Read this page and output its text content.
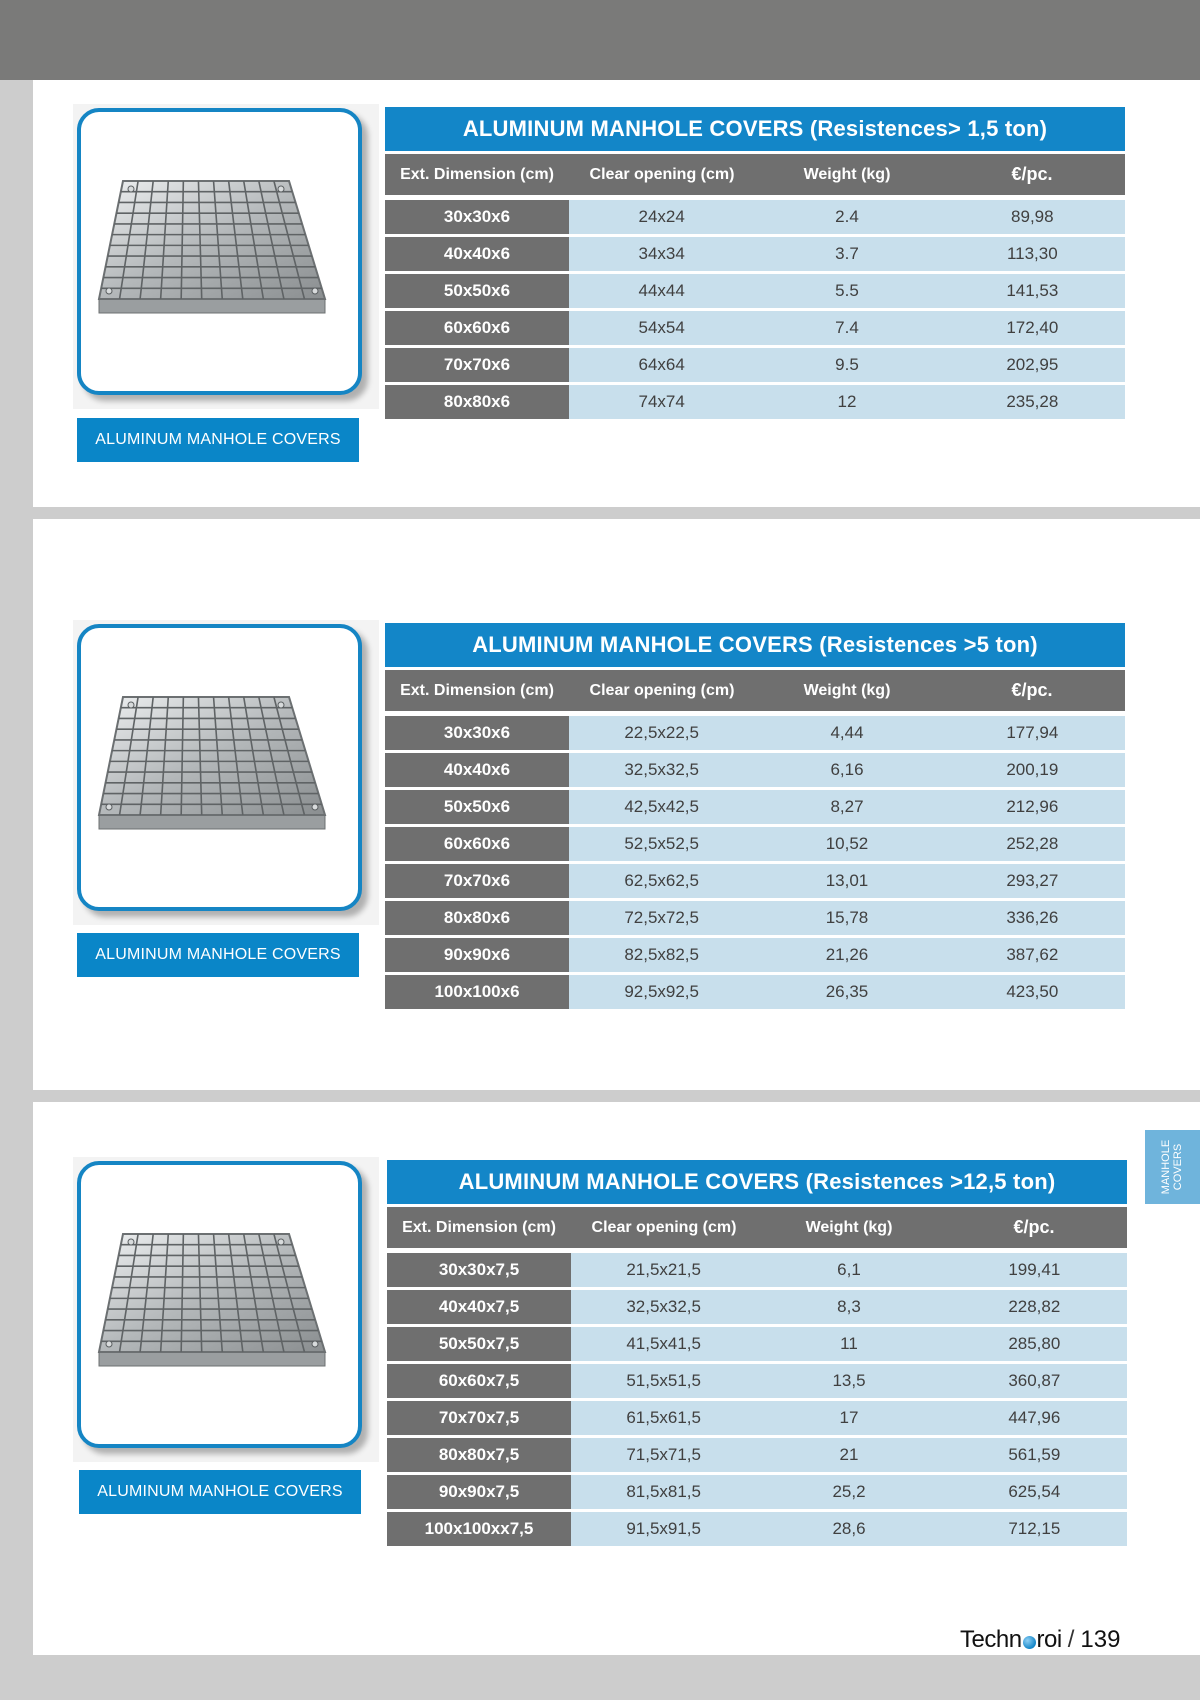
ALUMINUM MANHOLE COVERS
ALUMINUM MANHOLE COVERS (Resistences> 1,5 ton)
Ext. Dimension (cm)	Clear opening (cm)	Weight (kg)	€/pc.
30x30x6	24x24	2.4	89,98
40x40x6	34x34	3.7	113,30
50x50x6	44x44	5.5	141,53
60x60x6	54x54	7.4	172,40
70x70x6	64x64	9.5	202,95
80x80x6	74x74	12	235,28
ALUMINUM MANHOLE COVERS
ALUMINUM MANHOLE COVERS (Resistences >5 ton)
Ext. Dimension (cm)	Clear opening (cm)	Weight (kg)	€/pc.
30x30x6	22,5x22,5	4,44	177,94
40x40x6	32,5x32,5	6,16	200,19
50x50x6	42,5x42,5	8,27	212,96
60x60x6	52,5x52,5	10,52	252,28
70x70x6	62,5x62,5	13,01	293,27
80x80x6	72,5x72,5	15,78	336,26
90x90x6	82,5x82,5	21,26	387,62
100x100x6	92,5x92,5	26,35	423,50
ALUMINUM MANHOLE COVERS
ALUMINUM MANHOLE COVERS (Resistences >12,5 ton)
Ext. Dimension (cm)	Clear opening (cm)	Weight (kg)	€/pc.
30x30x7,5	21,5x21,5	6,1	199,41
40x40x7,5	32,5x32,5	8,3	228,82
50x50x7,5	41,5x41,5	11	285,80
60x60x7,5	51,5x51,5	13,5	360,87
70x70x7,5	61,5x61,5	17	447,96
80x80x7,5	71,5x71,5	21	561,59
90x90x7,5	81,5x81,5	25,2	625,54
100x100xx7,5	91,5x91,5	28,6	712,15
MANHOLE COVERS
Techn roi / 139
